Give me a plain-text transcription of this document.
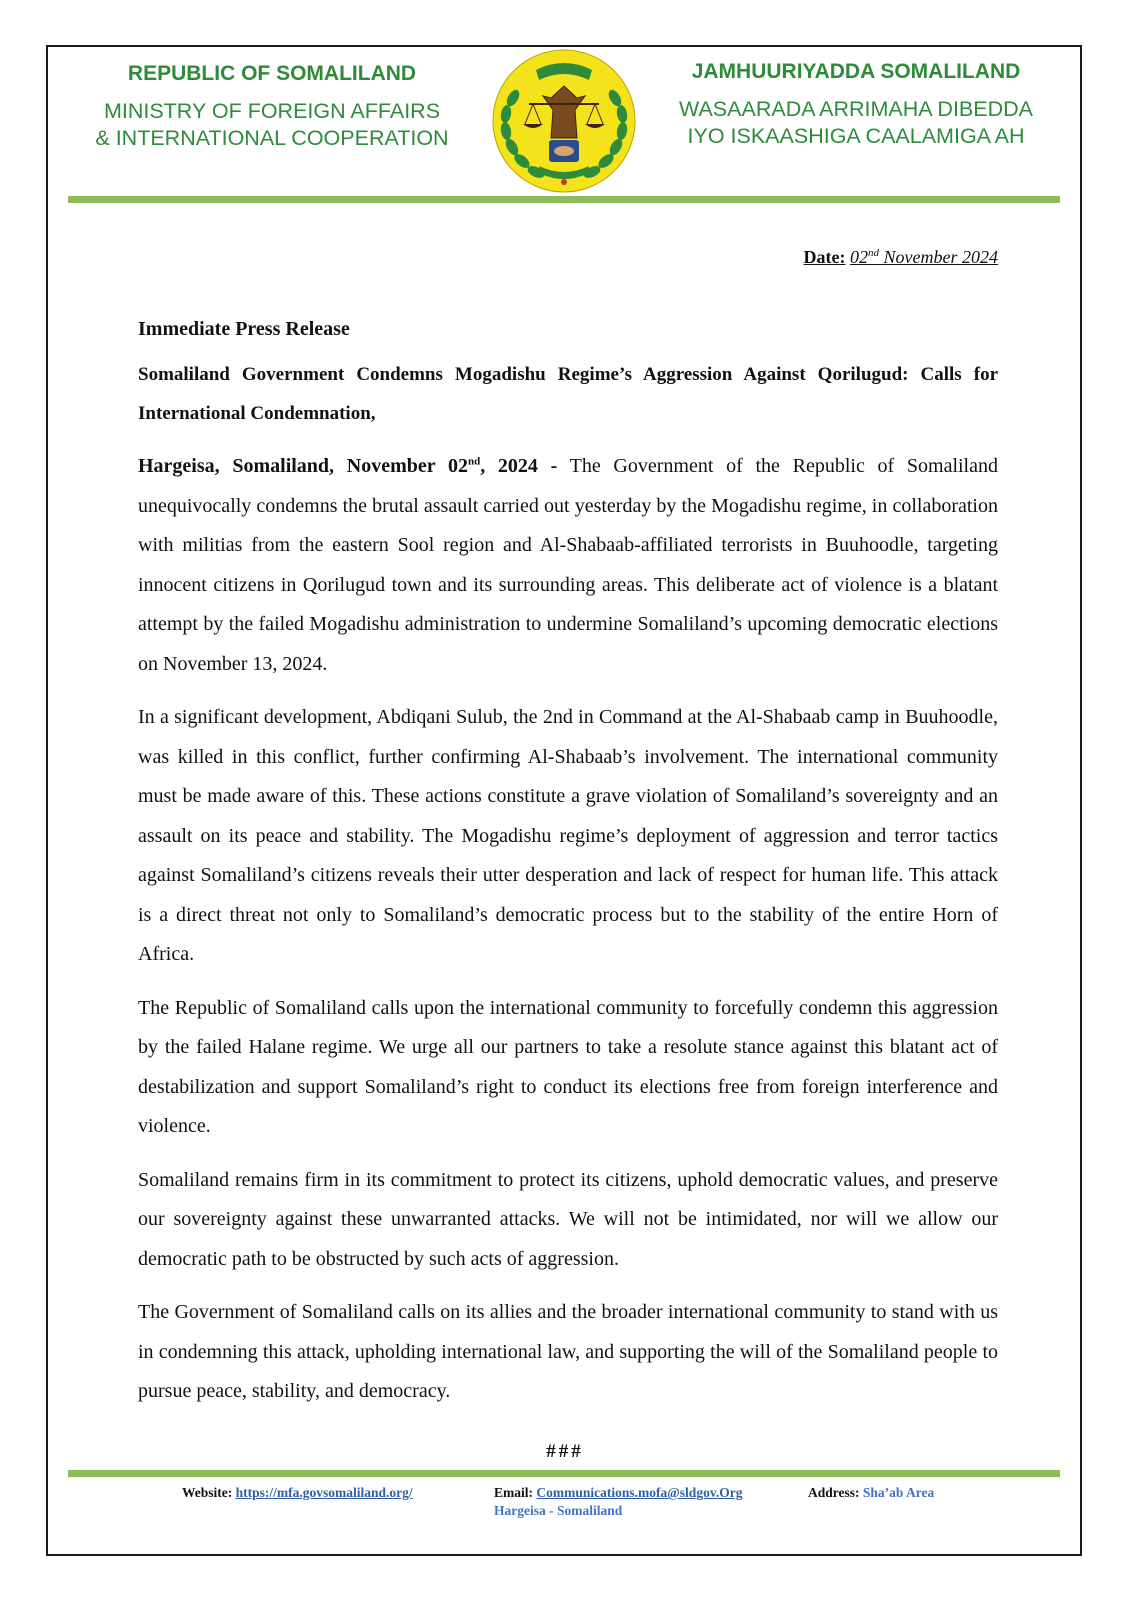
REPUBLIC OF SOMALILAND
MINISTRY OF FOREIGN AFFAIRS
& INTERNATIONAL COOPERATION
JAMHUURIYADDA SOMALILAND
WASAARADA ARRIMAHA DIBEDDA
IYO ISKAASHIGA CAALAMIGA AH
Date: 02nd November 2024

Immediate Press Release

Somaliland Government Condemns Mogadishu Regime’s Aggression Against Qorilugud: Calls for International Condemnation,

Hargeisa, Somaliland, November 02nd, 2024 - The Government of the Republic of Somaliland unequivocally condemns the brutal assault carried out yesterday by the Mogadishu regime, in collaboration with militias from the eastern Sool region and Al-Shabaab-affiliated terrorists in Buuhoodle, targeting innocent citizens in Qorilugud town and its surrounding areas. This deliberate act of violence is a blatant attempt by the failed Mogadishu administration to undermine Somaliland’s upcoming democratic elections on November 13, 2024.

In a significant development, Abdiqani Sulub, the 2nd in Command at the Al-Shabaab camp in Buuhoodle, was killed in this conflict, further confirming Al-Shabaab’s involvement. The international community must be made aware of this. These actions constitute a grave violation of Somaliland’s sovereignty and an assault on its peace and stability. The Mogadishu regime’s deployment of aggression and terror tactics against Somaliland’s citizens reveals their utter desperation and lack of respect for human life. This attack is a direct threat not only to Somaliland’s democratic process but to the stability of the entire Horn of Africa.

The Republic of Somaliland calls upon the international community to forcefully condemn this aggression by the failed Halane regime. We urge all our partners to take a resolute stance against this blatant act of destabilization and support Somaliland’s right to conduct its elections free from foreign interference and violence.

Somaliland remains firm in its commitment to protect its citizens, uphold democratic values, and preserve our sovereignty against these unwarranted attacks. We will not be intimidated, nor will we allow our democratic path to be obstructed by such acts of aggression.

The Government of Somaliland calls on its allies and the broader international community to stand with us in condemning this attack, upholding international law, and supporting the will of the Somaliland people to pursue peace, stability, and democracy.

###
Website: https://mfa.govsomaliland.org/	Email: Communications.mofa@sldgov.Org	Address: Sha’ab Area
Hargeisa - Somaliland
